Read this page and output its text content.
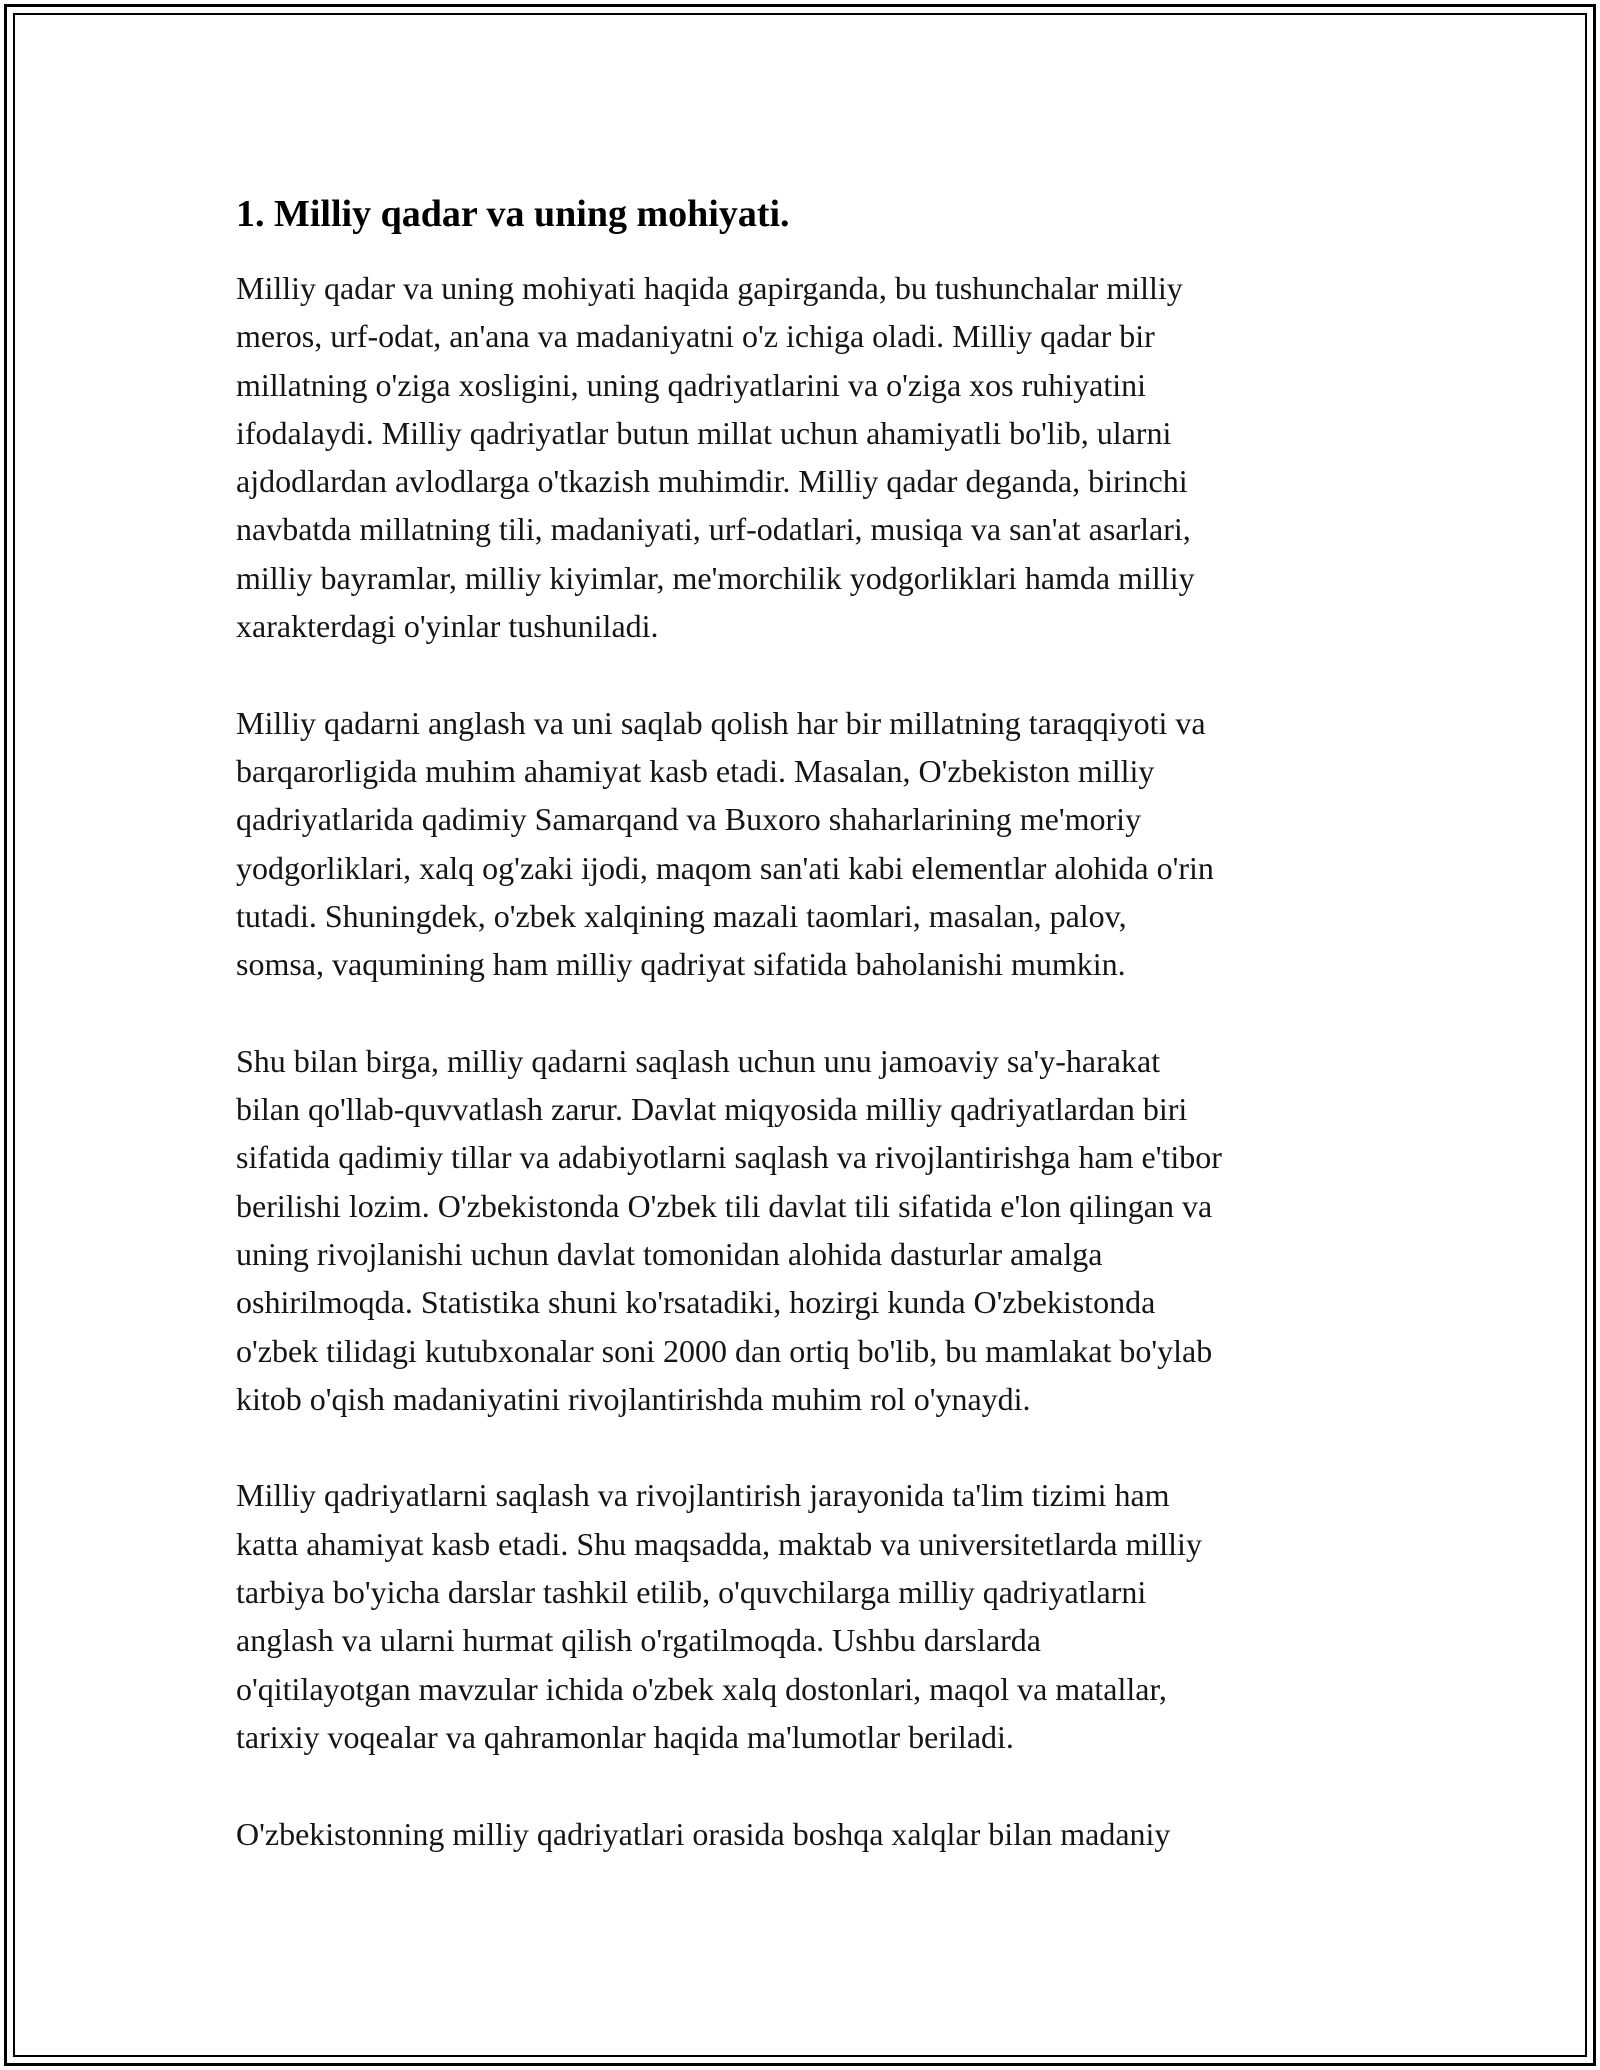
1. Milliy qadar va uning mohiyati.

Milliy qadar va uning mohiyati haqida gapirganda, bu tushunchalar milliy
meros, urf-odat, an'ana va madaniyatni o'z ichiga oladi. Milliy qadar bir
millatning o'ziga xosligini, uning qadriyatlarini va o'ziga xos ruhiyatini
ifodalaydi. Milliy qadriyatlar butun millat uchun ahamiyatli bo'lib, ularni
ajdodlardan avlodlarga o'tkazish muhimdir. Milliy qadar deganda, birinchi
navbatda millatning tili, madaniyati, urf-odatlari, musiqa va san'at asarlari,
milliy bayramlar, milliy kiyimlar, me'morchilik yodgorliklari hamda milliy
xarakterdagi o'yinlar tushuniladi.

Milliy qadarni anglash va uni saqlab qolish har bir millatning taraqqiyoti va
barqarorligida muhim ahamiyat kasb etadi. Masalan, O'zbekiston milliy
qadriyatlarida qadimiy Samarqand va Buxoro shaharlarining me'moriy
yodgorliklari, xalq og'zaki ijodi, maqom san'ati kabi elementlar alohida o'rin
tutadi. Shuningdek, o'zbek xalqining mazali taomlari, masalan, palov,
somsa, vaqumining ham milliy qadriyat sifatida baholanishi mumkin.

Shu bilan birga, milliy qadarni saqlash uchun unu jamoaviy sa'y-harakat
bilan qo'llab-quvvatlash zarur. Davlat miqyosida milliy qadriyatlardan biri
sifatida qadimiy tillar va adabiyotlarni saqlash va rivojlantirishga ham e'tibor
berilishi lozim. O'zbekistonda O'zbek tili davlat tili sifatida e'lon qilingan va
uning rivojlanishi uchun davlat tomonidan alohida dasturlar amalga
oshirilmoqda. Statistika shuni ko'rsatadiki, hozirgi kunda O'zbekistonda
o'zbek tilidagi kutubxonalar soni 2000 dan ortiq bo'lib, bu mamlakat bo'ylab
kitob o'qish madaniyatini rivojlantirishda muhim rol o'ynaydi.

Milliy qadriyatlarni saqlash va rivojlantirish jarayonida ta'lim tizimi ham
katta ahamiyat kasb etadi. Shu maqsadda, maktab va universitetlarda milliy
tarbiya bo'yicha darslar tashkil etilib, o'quvchilarga milliy qadriyatlarni
anglash va ularni hurmat qilish o'rgatilmoqda. Ushbu darslarda
o'qitilayotgan mavzular ichida o'zbek xalq dostonlari, maqol va matallar,
tarixiy voqealar va qahramonlar haqida ma'lumotlar beriladi.

O'zbekistonning milliy qadriyatlari orasida boshqa xalqlar bilan madaniy
